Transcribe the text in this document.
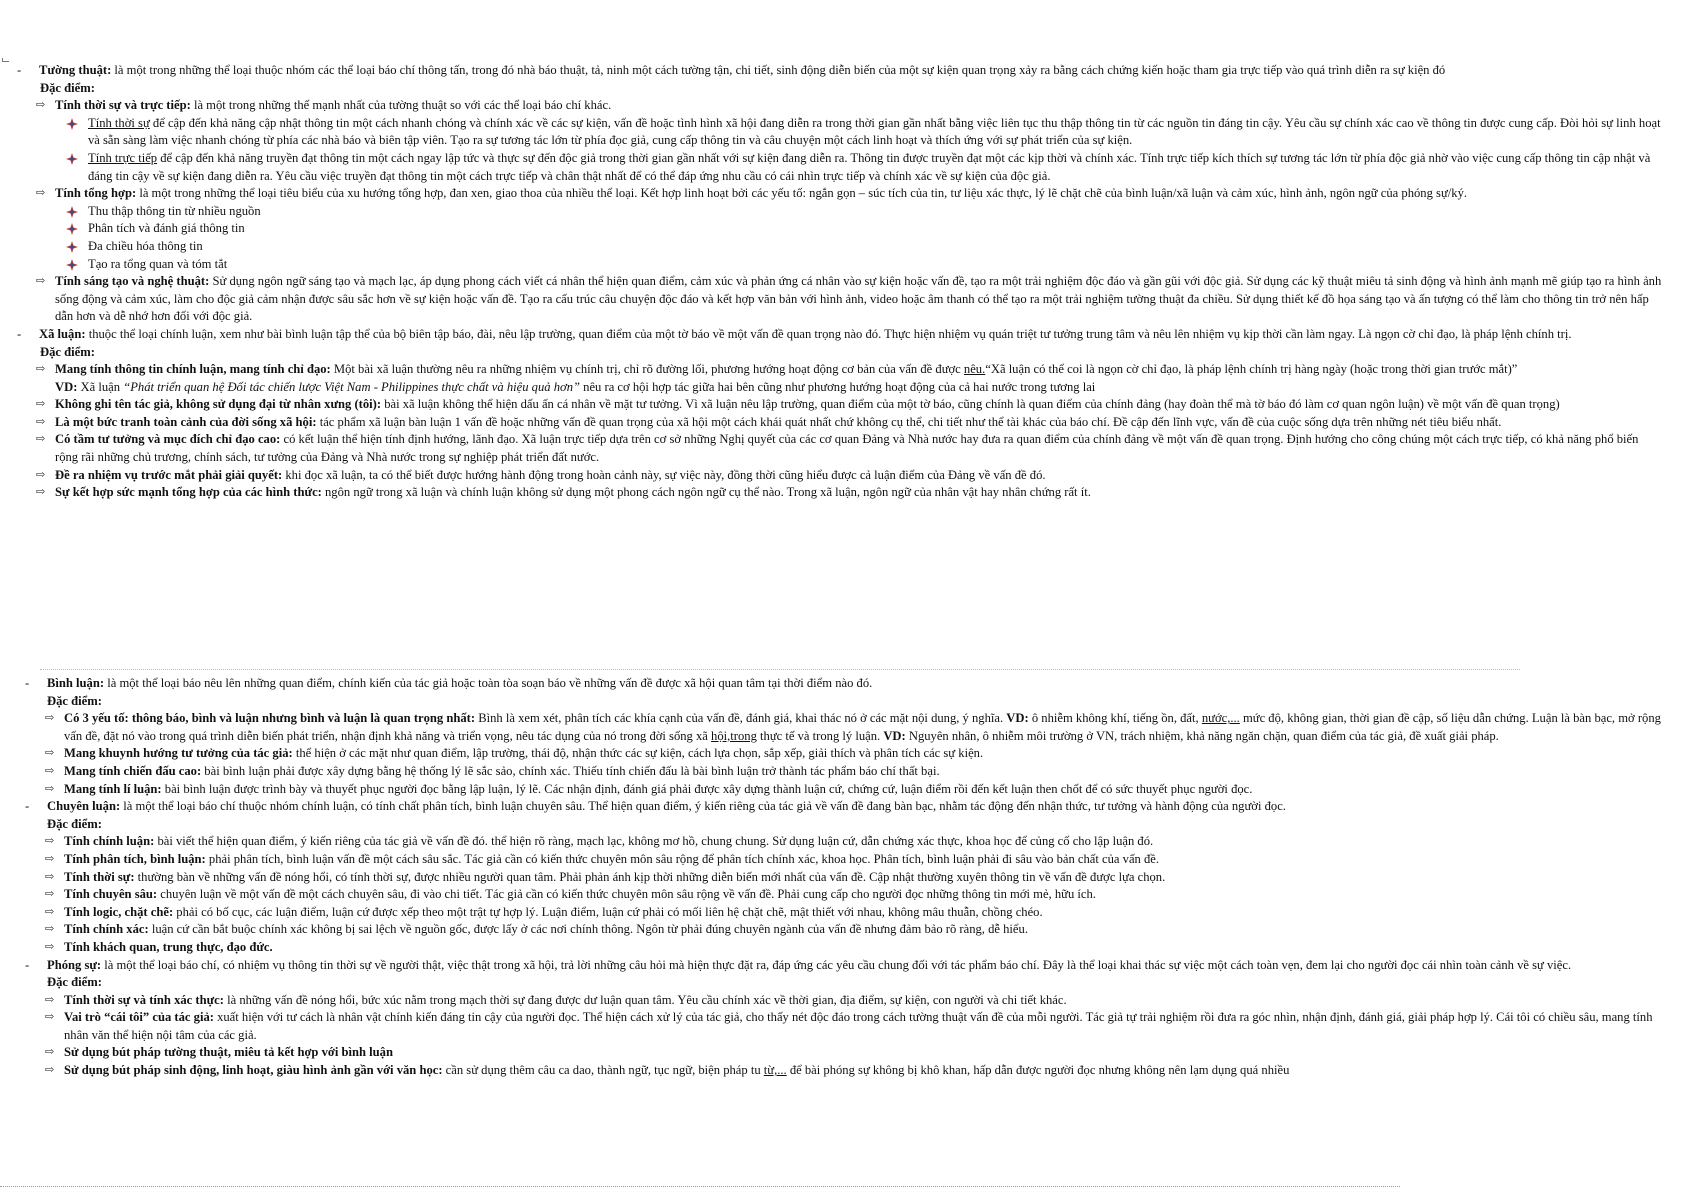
- Tường thuật: là một trong những thể loại thuộc nhóm các thể loại báo chí thông tấn, trong đó nhà báo thuật, tả, ninh một cách tường tận, chi tiết, sinh động diễn biến của một sự kiện quan trọng xảy ra bằng cách chứng kiến hoặc tham gia trực tiếp vào quá trình diễn ra sự kiện đó
Đặc điểm:
⇨ Tính thời sự và trực tiếp: là một trong những thế mạnh nhất của tường thuật so với các thể loại báo chí khác.
Tính thời sự để cập đến khả năng cập nhật thông tin một cách nhanh chóng và chính xác về các sự kiện, vấn đề hoặc tình hình xã hội đang diễn ra trong thời gian gần nhất bằng việc liên tục thu thập thông tin từ các nguồn tin đáng tin cậy. Yêu cầu sự chính xác cao về thông tin được cung cấp. Đòi hỏi sự linh hoạt và sẵn sàng làm việc nhanh chóng từ phía các nhà báo và biên tập viên. Tạo ra sự tương tác lớn từ phía đọc giả, cung cấp thông tin và câu chuyện một cách linh hoạt và thích ứng với sự phát triển của sự kiện.
Tính trực tiếp để cập đến khả năng truyền đạt thông tin một cách ngay lập tức và thực sự đến độc giả trong thời gian gần nhất với sự kiện đang diễn ra. Thông tin được truyền đạt một các kịp thời và chính xác. Tính trực tiếp kích thích sự tương tác lớn từ phía độc giả nhờ vào việc cung cấp thông tin cập nhật và đáng tin cậy về sự kiện đang diễn ra. Yêu cầu việc truyền đạt thông tin một cách trực tiếp và chân thật nhất để có thể đáp ứng nhu cầu có cái nhìn trực tiếp và chính xác về sự kiện của độc giả.
⇨ Tính tổng hợp: là một trong những thể loại tiêu biểu của xu hướng tổng hợp, đan xen, giao thoa của nhiều thể loại. Kết hợp linh hoạt bởi các yếu tố: ngắn gọn – súc tích của tin, tư liệu xác thực, lý lẽ chặt chẽ của bình luận/xã luận và cảm xúc, hình ảnh, ngôn ngữ của phóng sự/ký.
Thu thập thông tin từ nhiều nguồn
Phân tích và đánh giá thông tin
Đa chiều hóa thông tin
Tạo ra tổng quan và tóm tắt
⇨ Tính sáng tạo và nghệ thuật: Sử dụng ngôn ngữ sáng tạo và mạch lạc, áp dụng phong cách viết cá nhân thể hiện quan điểm, cảm xúc và phản ứng cá nhân vào sự kiện hoặc vấn đề, tạo ra một trải nghiệm độc đáo và gần gũi với độc giả. Sử dụng các kỹ thuật miêu tả sinh động và hình ảnh mạnh mẽ giúp tạo ra hình ảnh sống động và cảm xúc, làm cho độc giả cảm nhận được sâu sắc hơn về sự kiện hoặc vấn đề. Tạo ra cấu trúc câu chuyện độc đáo và kết hợp văn bản với hình ảnh, video hoặc âm thanh có thể tạo ra một trải nghiệm tường thuật đa chiều. Sử dụng thiết kế đồ họa sáng tạo và ấn tượng có thể làm cho thông tin trở nên hấp dẫn hơn và dễ nhớ hơn đối với độc giả.
- Xã luận: thuộc thể loại chính luận, xem như bài bình luận tập thể của bộ biên tập báo, đài, nêu lập trường, quan điểm của một tờ báo về một vấn đề quan trọng nào đó. Thực hiện nhiệm vụ quán triệt tư tưởng trung tâm và nêu lên nhiệm vụ kịp thời cần làm ngay. Là ngọn cờ chỉ đạo, là pháp lệnh chính trị.
Đặc điểm:
⇨ Mang tính thông tin chính luận, mang tính chỉ đạo: Một bài xã luận thường nêu ra những nhiệm vụ chính trị, chỉ rõ đường lối, phương hướng hoạt động cơ bản của vấn đề được nêu.“Xã luận có thể coi là ngọn cờ chỉ đạo, là pháp lệnh chính trị hàng ngày (hoặc trong thời gian trước mắt)”
VD: Xã luận “Phát triển quan hệ Đối tác chiến lược Việt Nam - Philippines thực chất và hiệu quả hơn” nêu ra cơ hội hợp tác giữa hai bên cũng như phương hướng hoạt động của cả hai nước trong tương lai
⇨ Không ghi tên tác giả, không sử dụng đại từ nhân xưng (tôi): bài xã luận không thể hiện dấu ấn cá nhân về mặt tư tưởng. Vì xã luận nêu lập trường, quan điểm của một tờ báo, cũng chính là quan điểm của chính đảng (hay đoàn thể mà tờ báo đó làm cơ quan ngôn luận) về một vấn đề quan trọng)
⇨ Là một bức tranh toàn cảnh của đời sống xã hội: tác phẩm xã luận bàn luận 1 vấn đề hoặc những vấn đề quan trọng của xã hội một cách khái quát nhất chứ không cụ thể, chi tiết như thể tài khác của báo chí. Đề cập đến lĩnh vực, vấn đề của cuộc sống dựa trên những nét tiêu biểu nhất.
⇨ Có tầm tư tưởng và mục đích chỉ đạo cao: có kết luận thể hiện tính định hướng, lãnh đạo. Xã luận trực tiếp dựa trên cơ sở những Nghị quyết của các cơ quan Đảng và Nhà nước hay đưa ra quan điểm của chính đảng về một vấn đề quan trọng. Định hướng cho công chúng một cách trực tiếp, có khả năng phổ biến rộng rãi những chủ trương, chính sách, tư tưởng của Đảng và Nhà nước trong sự nghiệp phát triển đất nước.
⇨ Đề ra nhiệm vụ trước mắt phải giải quyết: khi đọc xã luận, ta có thể biết được hướng hành động trong hoàn cảnh này, sự việc này, đồng thời cũng hiểu được cả luận điểm của Đảng về vấn đề đó.
⇨ Sự kết hợp sức mạnh tổng hợp của các hình thức: ngôn ngữ trong xã luận và chính luận không sử dụng một phong cách ngôn ngữ cụ thể nào. Trong xã luận, ngôn ngữ của nhân vật hay nhân chứng rất ít.
- Bình luận: là một thể loại báo nêu lên những quan điểm, chính kiến của tác giả hoặc toàn tòa soạn báo về những vấn đề được xã hội quan tâm tại thời điểm nào đó.
Đặc điểm:
⇨ Có 3 yếu tố: thông báo, bình và luận nhưng bình và luận là quan trọng nhất: Bình là xem xét, phân tích các khía cạnh của vấn đề, đánh giá, khai thác nó ở các mặt nội dung, ý nghĩa. VD: ô nhiễm không khí, tiếng ồn, đất, nước,... mức độ, không gian, thời gian đề cập, số liệu dẫn chứng. Luận là bàn bạc, mở rộng vấn đề, đặt nó vào trong quá trình diễn biến phát triển, nhận định khả năng và triển vọng, nêu tác dụng của nó trong đời sống xã hội,trong thực tế và trong lý luận. VD: Nguyên nhân, ô nhiễm môi trường ở VN, trách nhiệm, khả năng ngăn chặn, quan điểm của tác giả, đề xuất giải pháp.
⇨ Mang khuynh hướng tư tưởng của tác giả: thể hiện ở các mặt như quan điểm, lập trường, thái độ, nhận thức các sự kiện, cách lựa chọn, sắp xếp, giải thích và phân tích các sự kiện.
⇨ Mang tính chiến đấu cao: bài bình luận phải được xây dựng bằng hệ thống lý lẽ sắc sảo, chính xác. Thiếu tính chiến đấu là bài bình luận trở thành tác phẩm báo chí thất bại.
⇨ Mang tính lí luận: bài bình luận được trình bày và thuyết phục người đọc bằng lập luận, lý lẽ. Các nhận định, đánh giá phải được xây dựng thành luận cứ, chứng cứ, luận điểm rồi đến kết luận then chốt để có sức thuyết phục người đọc.
- Chuyên luận: là một thể loại báo chí thuộc nhóm chính luận, có tính chất phân tích, bình luận chuyên sâu. Thể hiện quan điểm, ý kiến riêng của tác giả về vấn đề đang bàn bạc, nhằm tác động đến nhận thức, tư tưởng và hành động của người đọc.
Đặc điểm:
⇨ Tính chính luận: bài viết thể hiện quan điểm, ý kiến riêng của tác giả về vấn đề đó. thể hiện rõ ràng, mạch lạc, không mơ hồ, chung chung. Sử dụng luận cứ, dẫn chứng xác thực, khoa học để củng cố cho lập luận đó.
⇨ Tính phân tích, bình luận: phải phân tích, bình luận vấn đề một cách sâu sắc. Tác giả cần có kiến thức chuyên môn sâu rộng để phân tích chính xác, khoa học. Phân tích, bình luận phải đi sâu vào bản chất của vấn đề.
⇨ Tính thời sự: thường bàn về những vấn đề nóng hổi, có tính thời sự, được nhiều người quan tâm. Phải phản ánh kịp thời những diễn biến mới nhất của vấn đề. Cập nhật thường xuyên thông tin về vấn đề được lựa chọn.
⇨ Tính chuyên sâu: chuyên luận về một vấn đề một cách chuyên sâu, đi vào chi tiết. Tác giả cần có kiến thức chuyên môn sâu rộng về vấn đề. Phải cung cấp cho người đọc những thông tin mới mẻ, hữu ích.
⇨ Tính logic, chặt chẽ: phải có bố cục, các luận điểm, luận cứ được xếp theo một trật tự hợp lý. Luận điểm, luận cứ phải có mối liên hệ chặt chẽ, mật thiết với nhau, không mâu thuẫn, chồng chéo.
⇨ Tính chính xác: luận cứ cần bắt buộc chính xác không bị sai lệch về nguồn gốc, được lấy ở các nơi chính thông. Ngôn từ phải đúng chuyên ngành của vấn đề nhưng đảm bảo rõ ràng, dễ hiểu.
⇨ Tính khách quan, trung thực, đạo đức.
- Phóng sự: là một thể loại báo chí, có nhiệm vụ thông tin thời sự về người thật, việc thật trong xã hội, trả lời những câu hỏi mà hiện thực đặt ra, đáp ứng các yêu cầu chung đối với tác phẩm báo chí. Đây là thể loại khai thác sự việc một cách toàn vẹn, đem lại cho người đọc cái nhìn toàn cảnh về sự việc.
Đặc điểm:
⇨ Tính thời sự và tính xác thực: là những vấn đề nóng hổi, bức xúc nằm trong mạch thời sự đang được dư luận quan tâm. Yêu cầu chính xác về thời gian, địa điểm, sự kiện, con người và chi tiết khác.
⇨ Vai trò “cái tôi” của tác giả: xuất hiện với tư cách là nhân vật chính kiến đáng tin cậy của người đọc. Thể hiện cách xử lý của tác giả, cho thấy nét độc đáo trong cách tường thuật vấn đề của mỗi người. Tác giả tự trải nghiệm rồi đưa ra góc nhìn, nhận định, đánh giá, giải pháp hợp lý. Cái tôi có chiều sâu, mang tính nhân văn thể hiện nội tâm của các giả.
⇨ Sử dụng bút pháp tường thuật, miêu tả kết hợp với bình luận
⇨ Sử dụng bút pháp sinh động, linh hoạt, giàu hình ảnh gần với văn học: cần sử dụng thêm câu ca dao, thành ngữ, tục ngữ, biện pháp tu từ,... để bài phóng sự không bị khô khan, hấp dẫn được người đọc nhưng không nên lạm dụng quá nhiều
